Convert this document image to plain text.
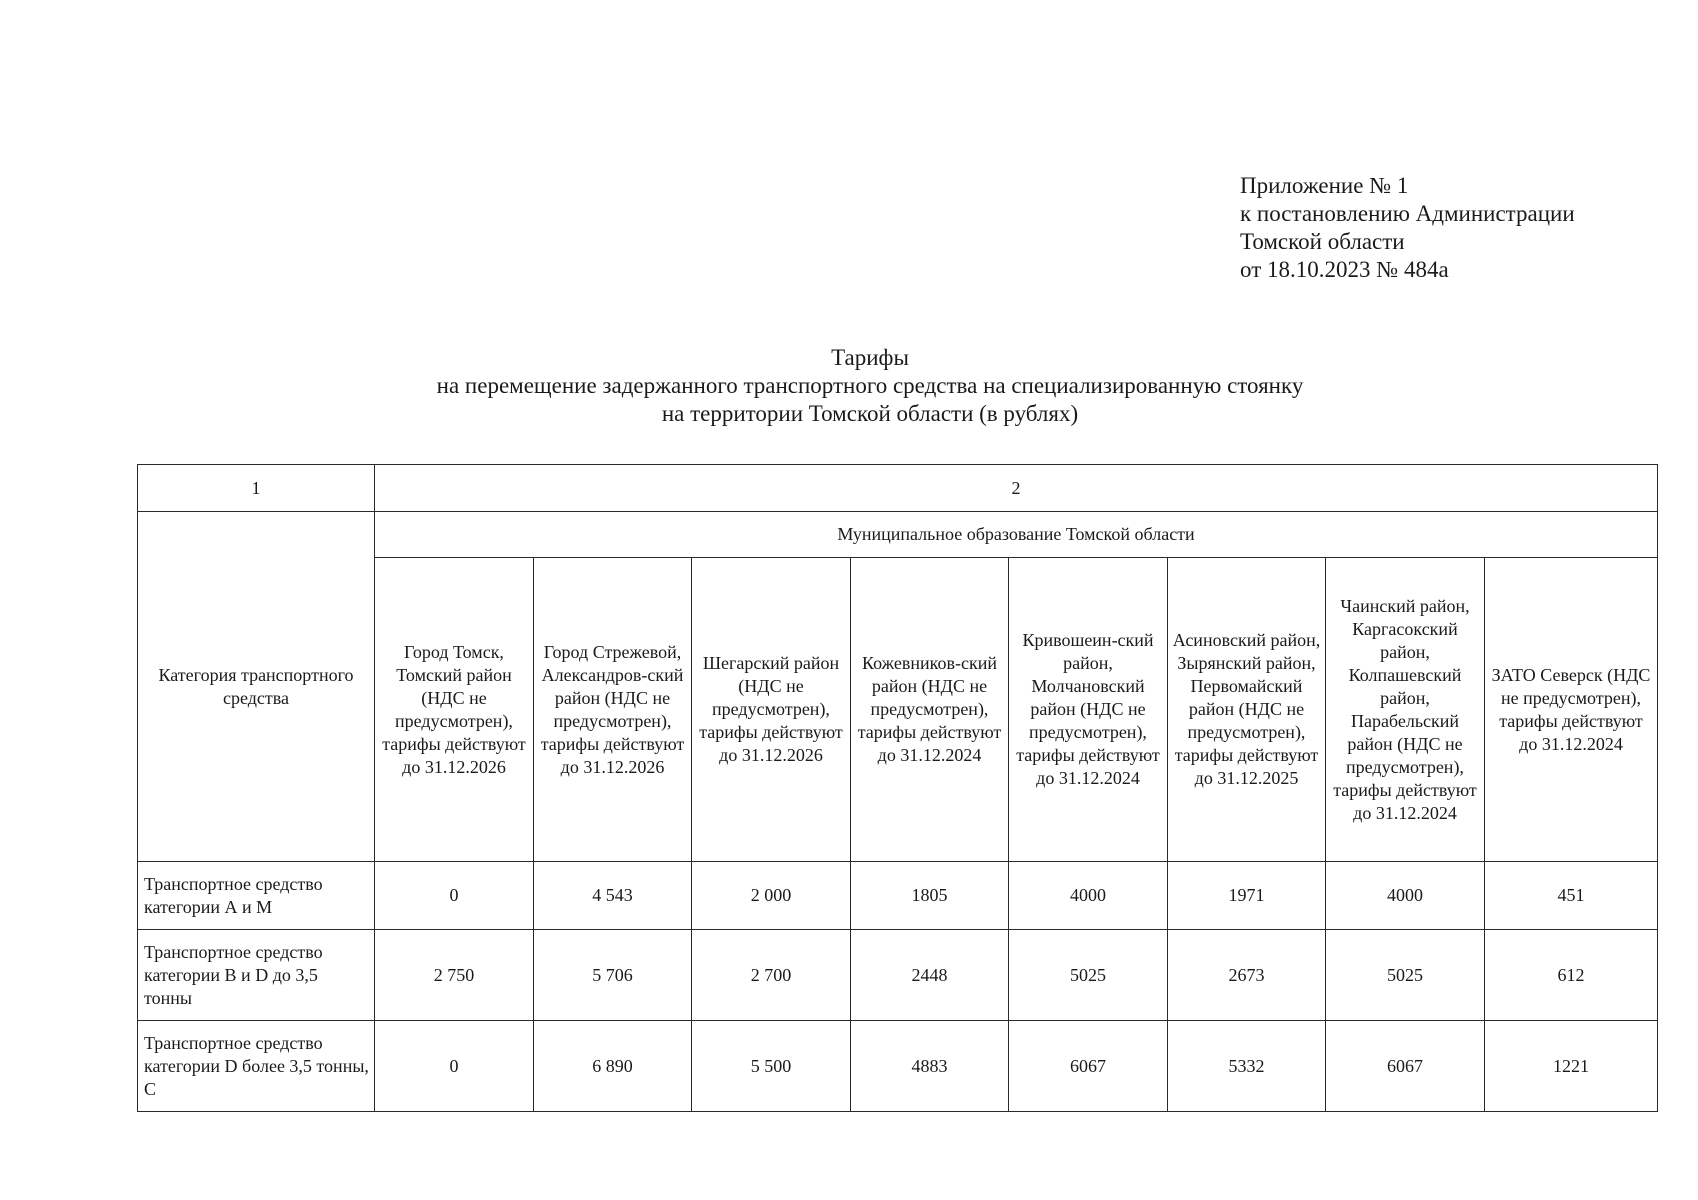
Приложение № 1
к постановлению Администрации
Томской области
от 18.10.2023 № 484а
Тарифы
на перемещение задержанного транспортного средства на специализированную стоянку
на территории Томской области (в рублях)
1	2							
Категория транспортного средства	Муниципальное образование Томской области							
	Город Томск, Томский район (НДС не предусмотрен), тарифы действуют до 31.12.2026	Город Стрежевой, Александров-ский район (НДС не предусмотрен), тарифы действуют до 31.12.2026	Шегарский район (НДС не предусмотрен), тарифы действуют до 31.12.2026	Кожевников-ский район (НДС не предусмотрен), тарифы действуют до 31.12.2024	Кривошеин-ский район, Молчановский район (НДС не предусмотрен), тарифы действуют до 31.12.2024	Асиновский район, Зырянский район, Первомайский район (НДС не предусмотрен), тарифы действуют до 31.12.2025	Чаинский район, Каргасокский район, Колпашевский район, Парабельский район (НДС не предусмотрен), тарифы действуют до 31.12.2024	ЗАТО Северск (НДС не предусмотрен), тарифы действуют до 31.12.2024
Транспортное средство категории А и М	0	4 543	2 000	1805	4000	1971	4000	451
Транспортное средство категории B и D до 3,5 тонны	2 750	5 706	2 700	2448	5025	2673	5025	612
Транспортное средство категории D более 3,5 тонны, С	0	6 890	5 500	4883	6067	5332	6067	1221
